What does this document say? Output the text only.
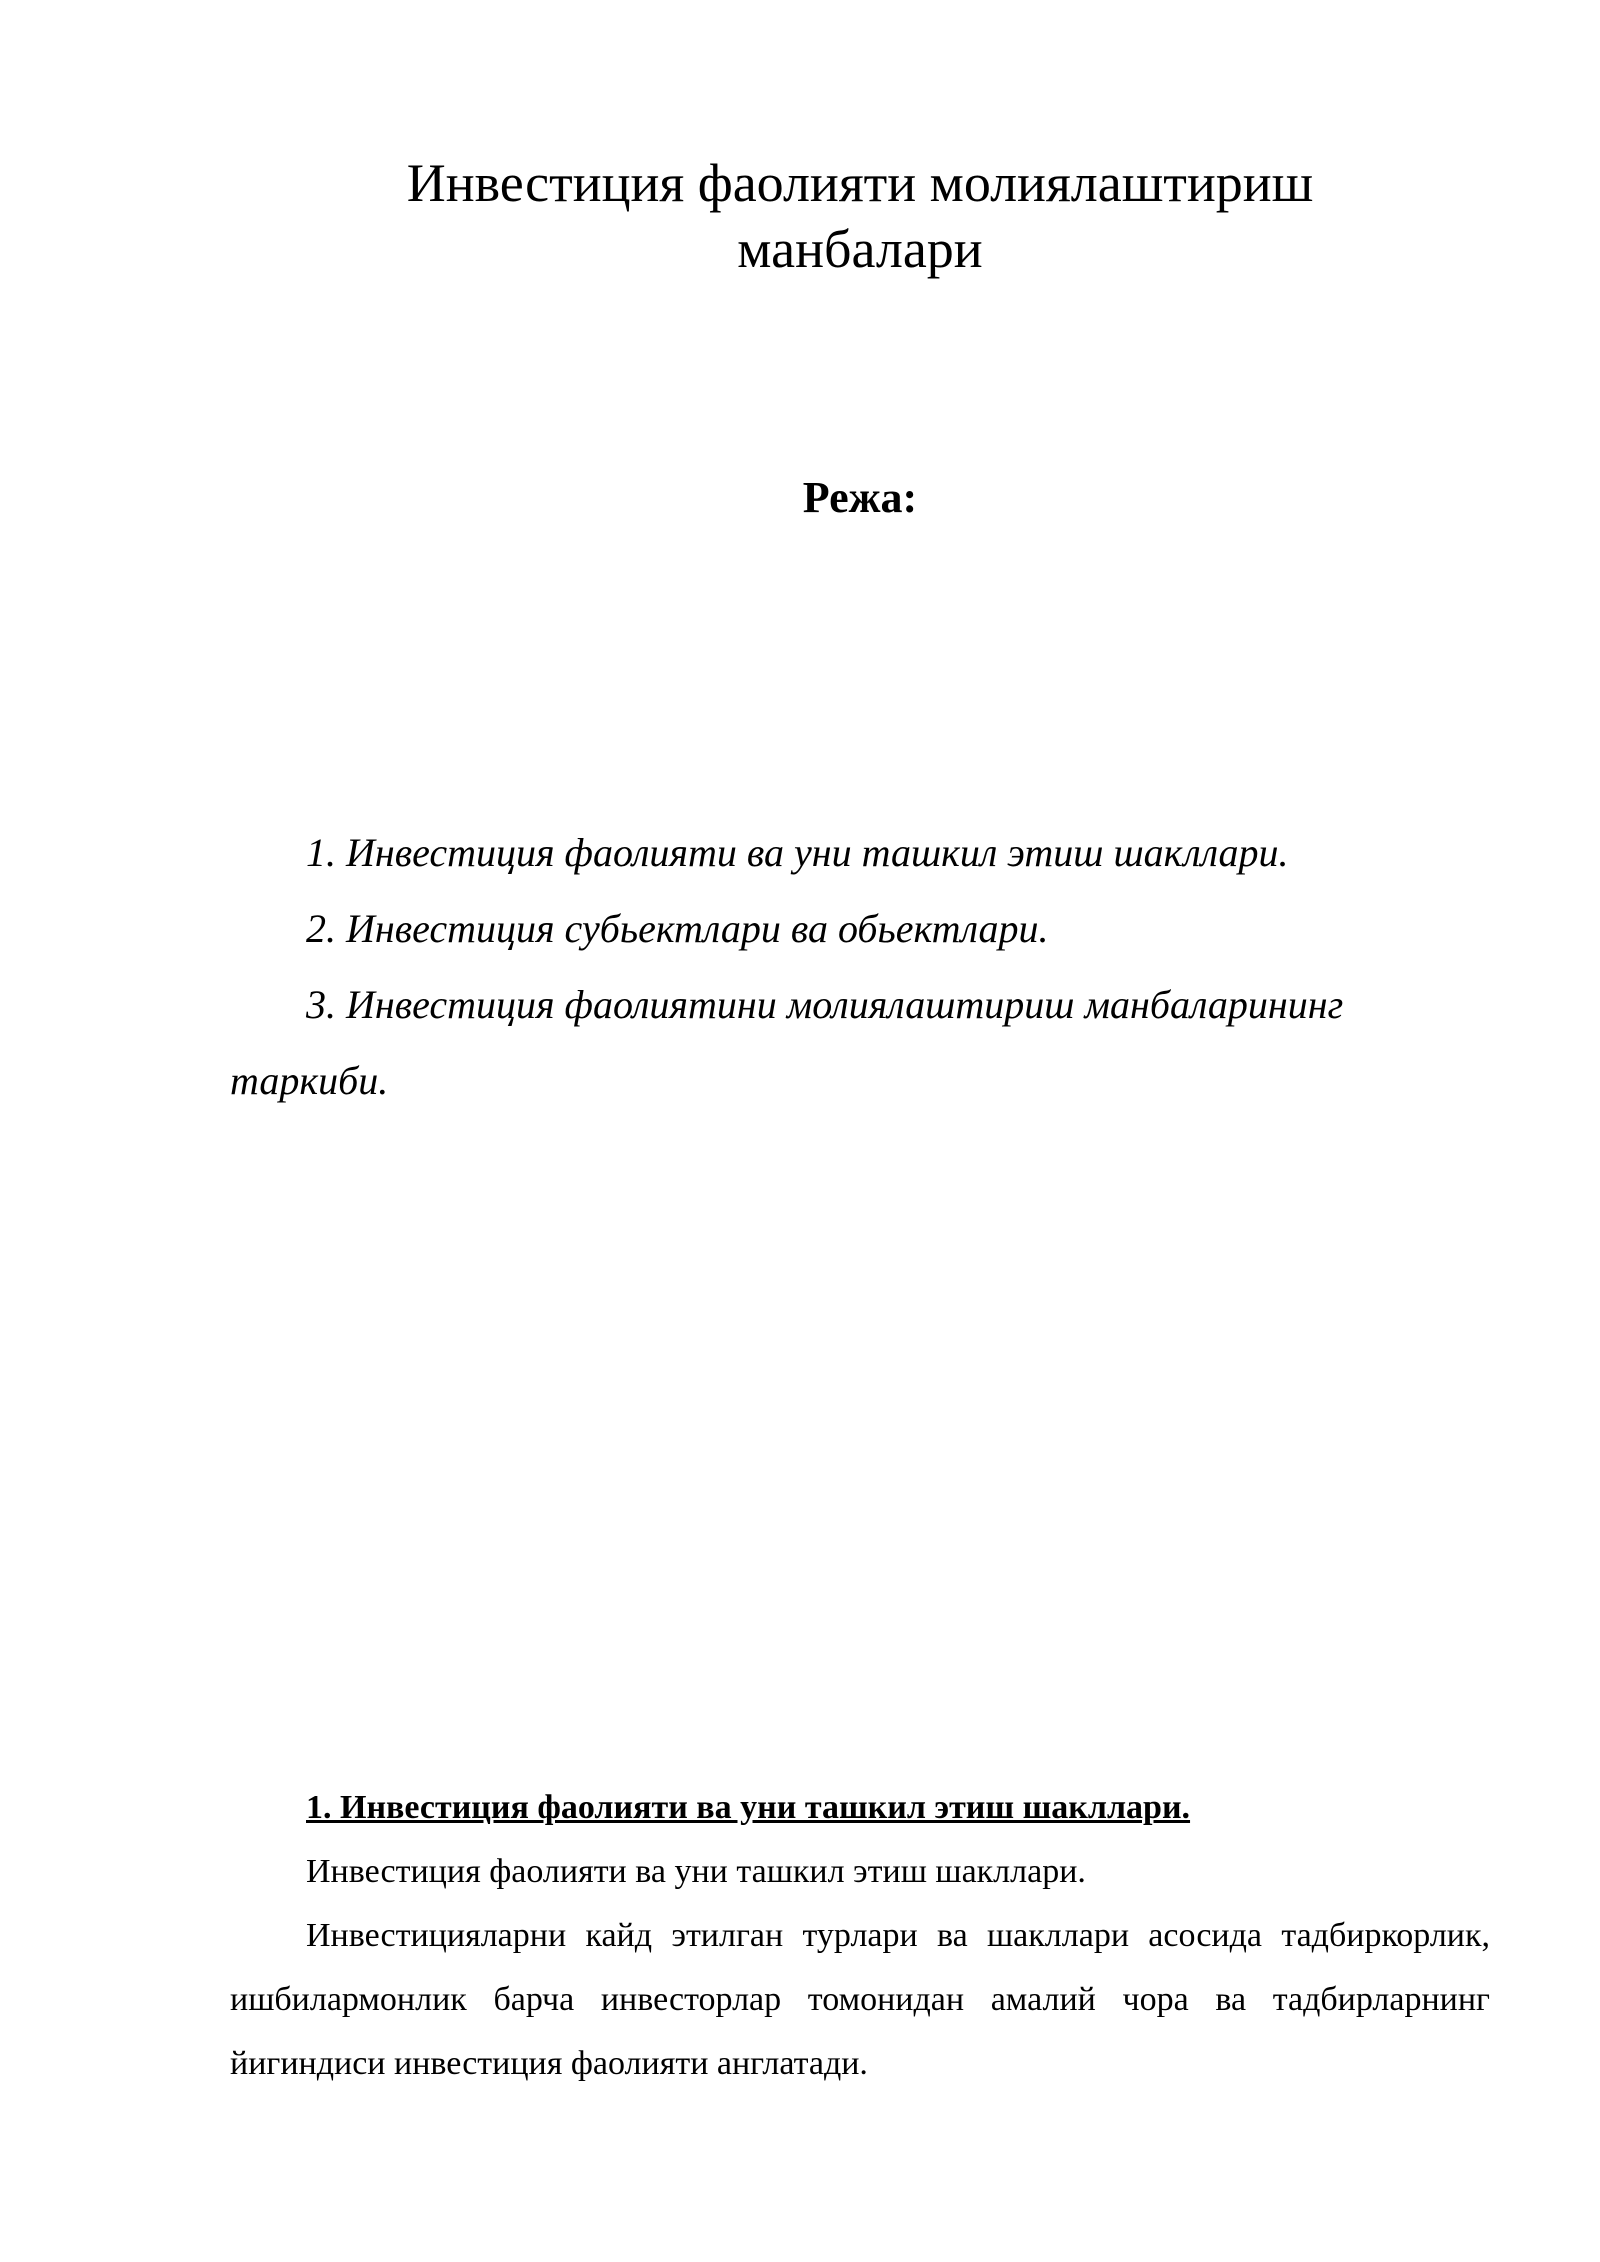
Инвестиция фаолияти молиялаштириш манбалари
Режа:
1. Инвестиция фаолияти ва уни ташкил этиш шакллари.
2. Инвестиция субьектлари ва обьектлари.
3. Инвестиция фаолиятини молиялаштириш манбаларининг таркиби.

1. Инвестиция фаолияти ва уни ташкил этиш шакллари.

Инвестиция фаолияти ва уни ташкил этиш шакллари.

Инвестицияларни кайд этилган турлари ва шакллари асосида тадбиркорлик, ишбилармонлик барча инвесторлар томонидан амалий чора ва тадбирларнинг йигиндиси инвестиция фаолияти англатади.
